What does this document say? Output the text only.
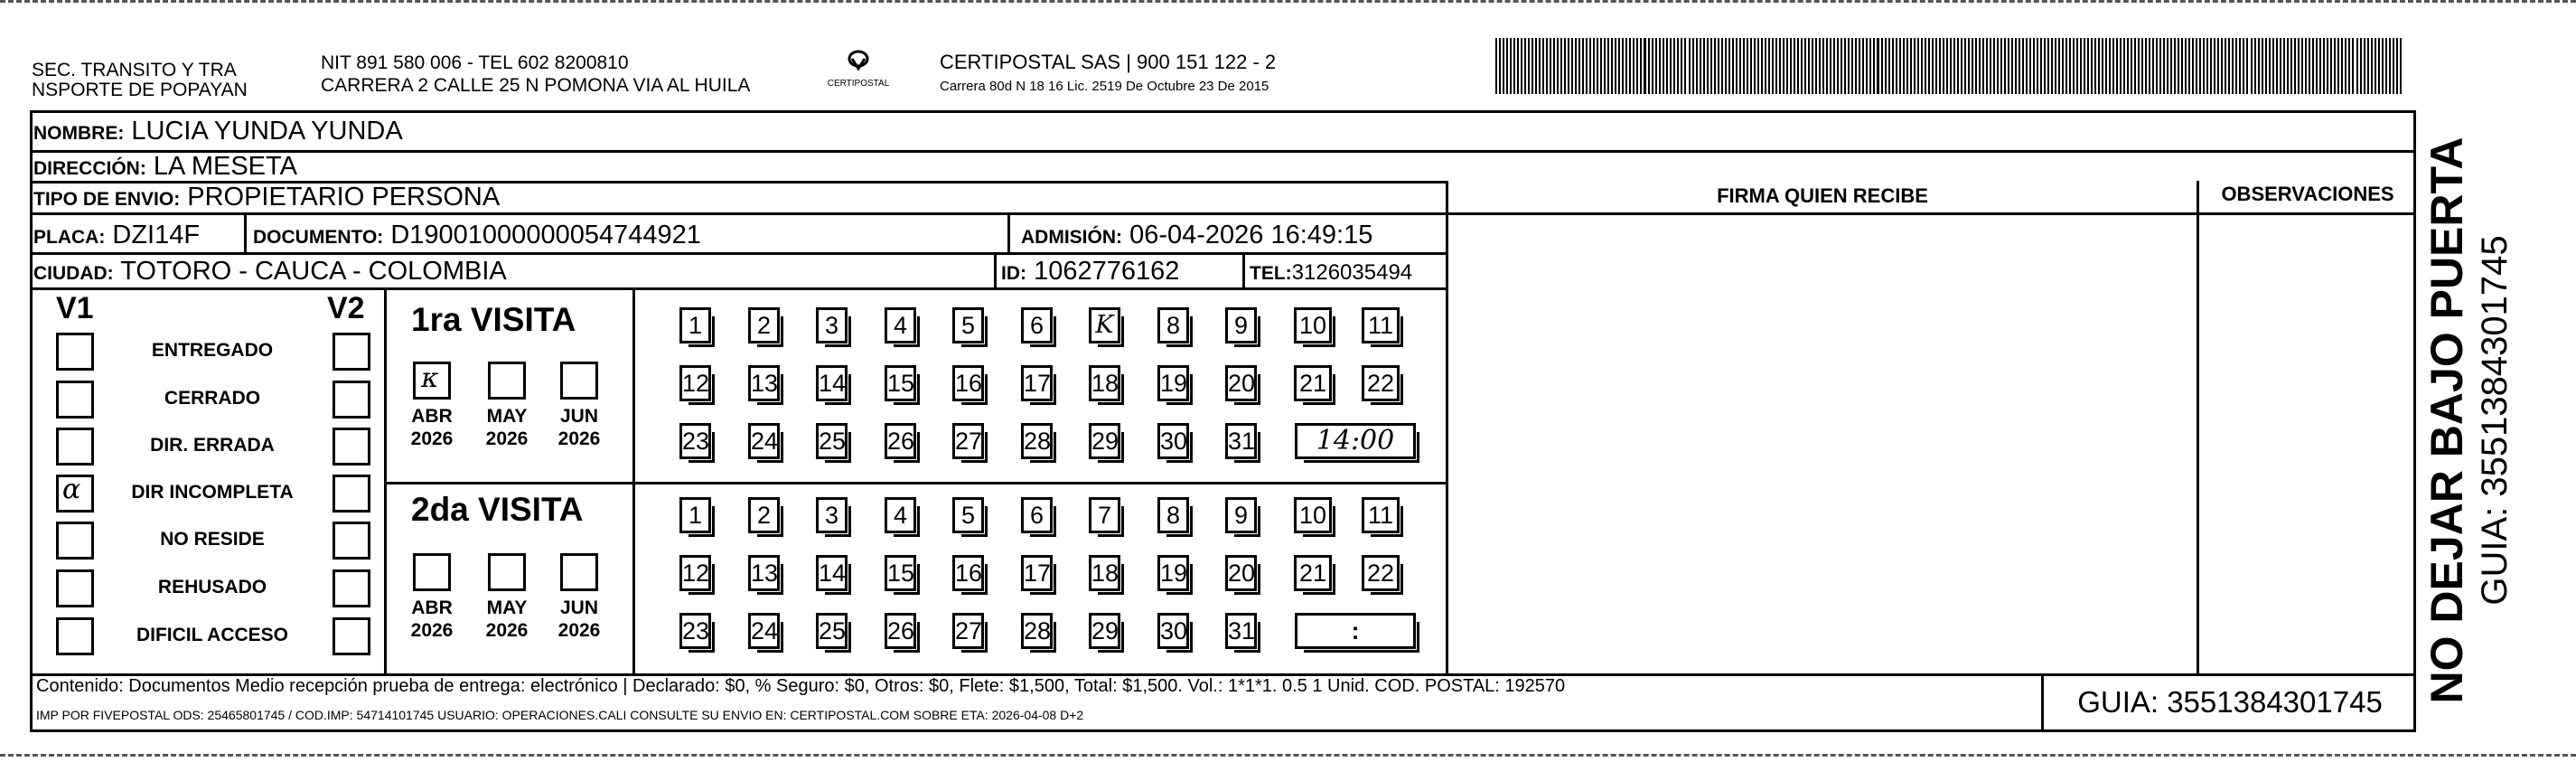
SEC. TRANSITO Y TRA
NSPORTE DE POPAYAN
NIT 891 580 006 - TEL 602 8200810
CARRERA 2 CALLE 25 N POMONA VIA AL HUILA	CERTIPOSTAL
CERTIPOSTAL SAS | 900 151 122 - 2
Carrera 80d N 18 16 Lic. 2519 De Octubre 23 De 2015
NOMBRE: LUCIA YUNDA YUNDA
DIRECCIÓN: LA MESETA
TIPO DE ENVIO: PROPIETARIO PERSONA	FIRMA QUIEN RECIBE	OBSERVACIONES
PLACA: DZI14F	DOCUMENTO: D19001000000054744921	ADMISIÓN: 06-04-2026 16:49:15
CIUDAD: TOTORO - CAUCA - COLOMBIA	ID: 1062776162	TEL:3126035494
V1	V2
ENTREGADO
CERRADO
DIR. ERRADA
α	DIR INCOMPLETA
NO RESIDE
REHUSADO
DIFICIL ACCESO
1ra VISITA
2da VISITA
κ
ABR
2026
MAY
2026
JUN
2026
ABR
2026
MAY
2026
JUN
2026
1	2	3	4	5	6	K	8	9	10 11
12 13 14 15 16 17 18 19 20 21 22
23 24 25 26 27 28 29 30 31
1	2	3	4	5	6	7	8	9	10 11
12 13 14 15 16 17 18 19 20 21 22
23 24 25 26 27 28 29 30 31
14:00
:
Contenido: Documentos Medio recepción prueba de entrega: electrónico | Declarado: $0, % Seguro: $0, Otros: $0, Flete: $1,500, Total: $1,500. Vol.: 1*1*1. 0.5 1 Unid. COD. POSTAL: 192570
IMP POR FIVEPOSTAL ODS: 25465801745 / COD.IMP: 54714101745 USUARIO: OPERACIONES.CALI CONSULTE SU ENVIO EN: CERTIPOSTAL.COM SOBRE ETA: 2026-04-08 D+2	GUIA: 3551384301745 NO DEJAR BAJO PUERTA GUIA: 3551384301745
